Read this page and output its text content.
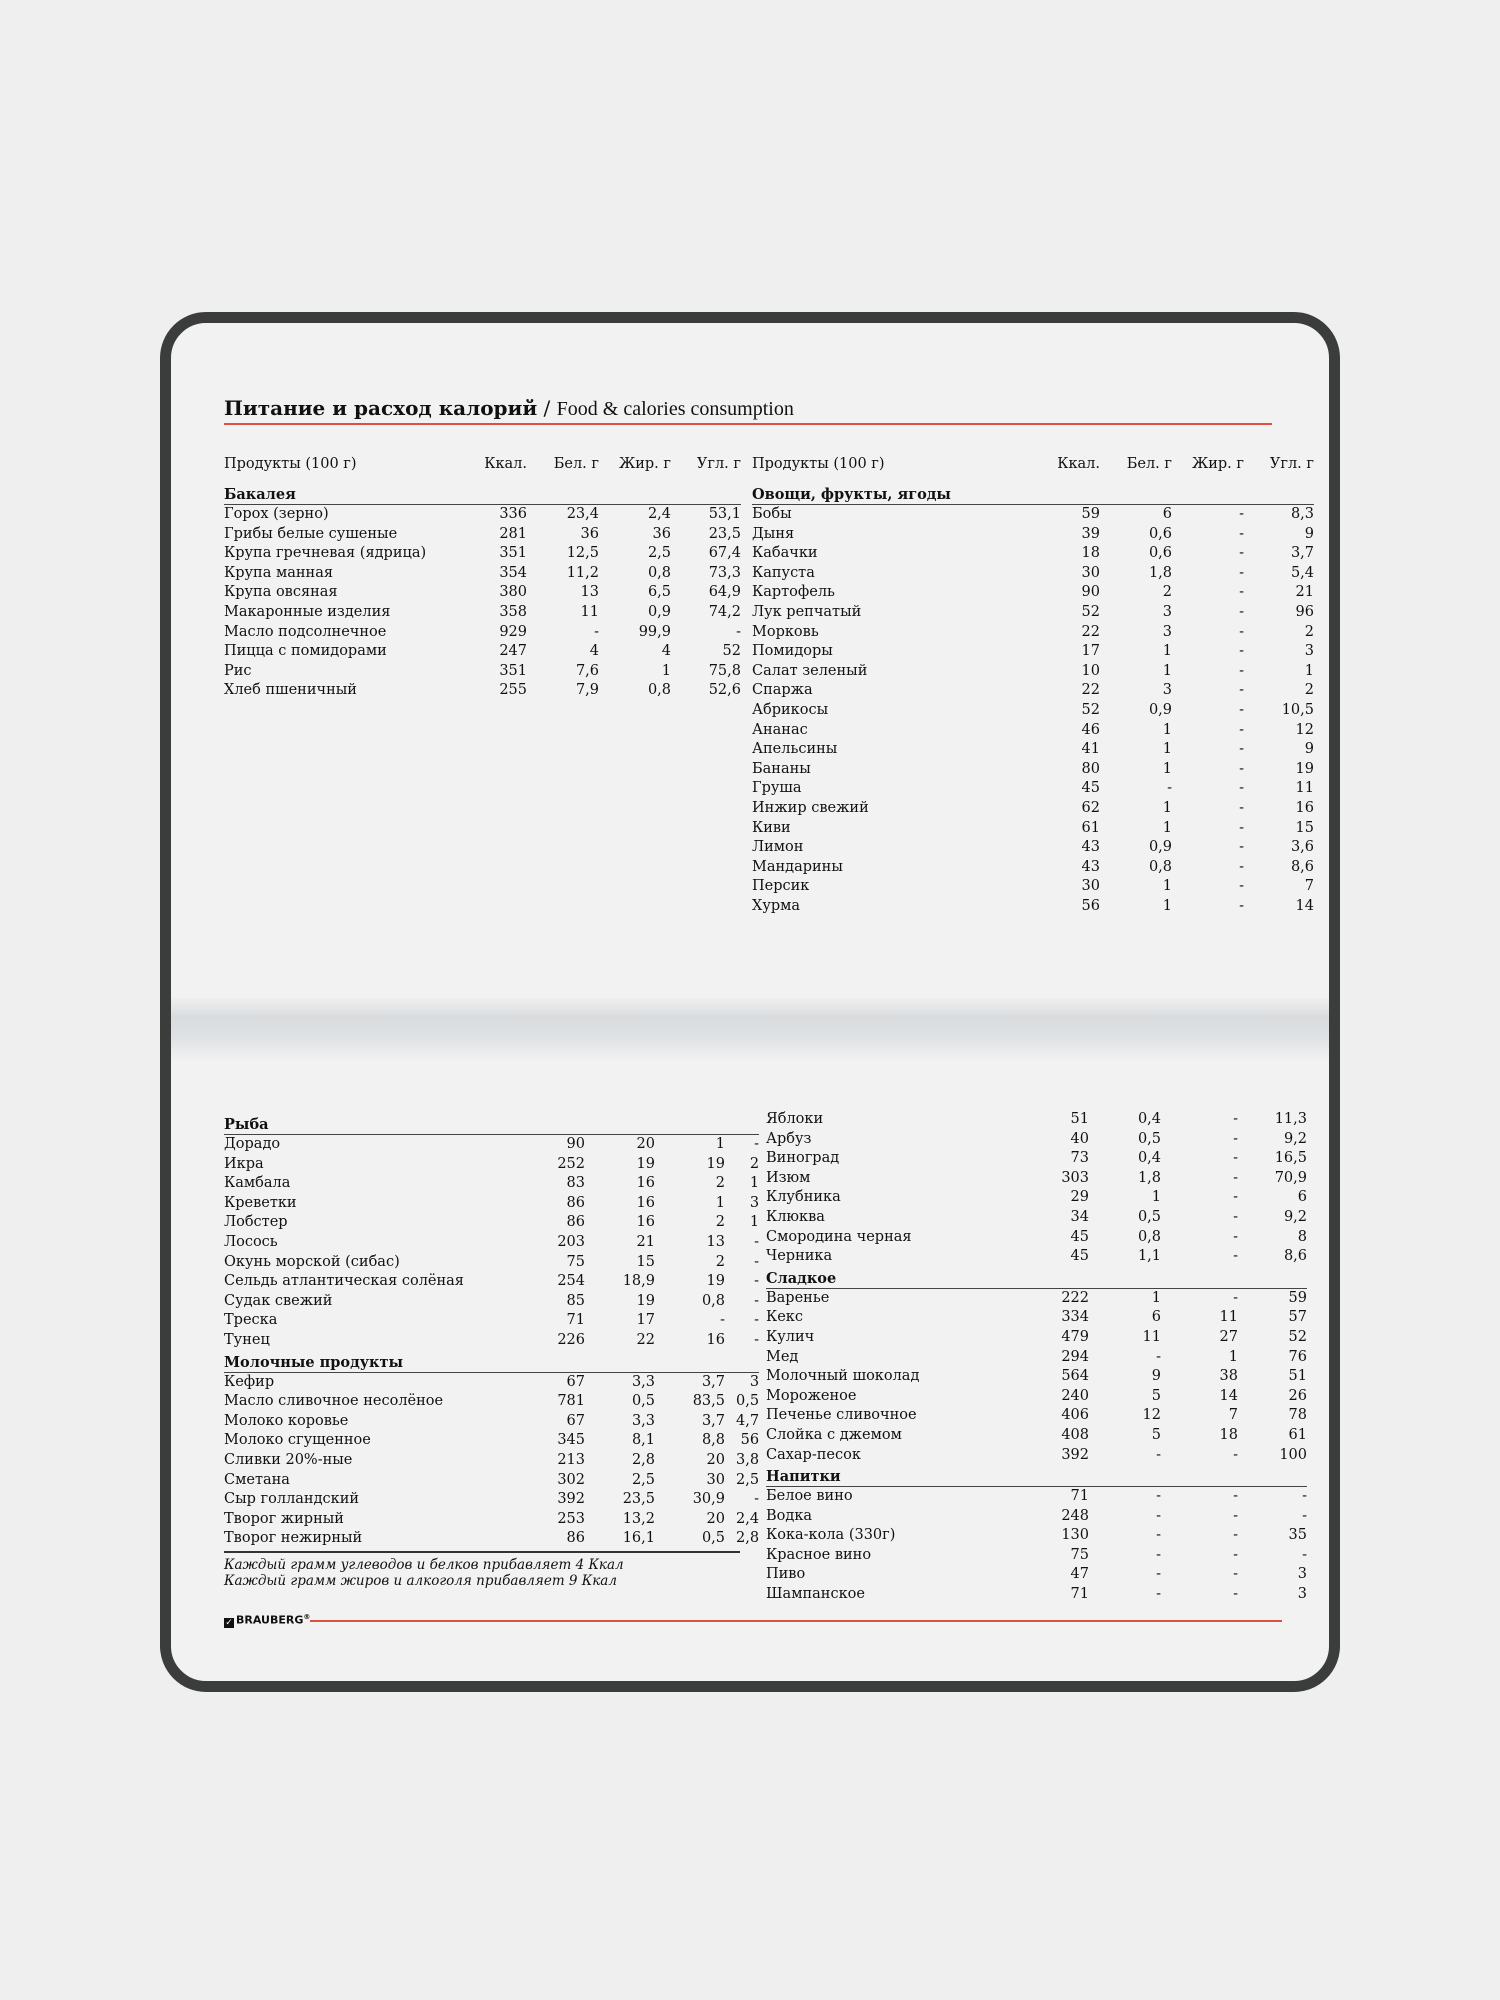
Питание и расход калорий / Food & calories consumption
Продукты (100 г)	Ккал.	Бел. г	Жир. г	Угл. г

Бакалея				
Горох (зерно)	336	23,4	2,4	53,1
Грибы белые сушеные	281	36	36	23,5
Крупа гречневая (ядрица)	351	12,5	2,5	67,4
Крупа манная	354	11,2	0,8	73,3
Крупа овсяная	380	13	6,5	64,9
Макаронные изделия	358	11	0,9	74,2
Масло подсолнечное	929	-	99,9	-
Пицца с помидорами	247	4	4	52
Рис	351	7,6	1	75,8
Хлеб пшеничный	255	7,9	0,8	52,6
Продукты (100 г)	Ккал.	Бел. г	Жир. г	Угл. г

Овощи, фрукты, ягоды				
Бобы	59	6	-	8,3
Дыня	39	0,6	-	9
Кабачки	18	0,6	-	3,7
Капуста	30	1,8	-	5,4
Картофель	90	2	-	21
Лук репчатый	52	3	-	96
Морковь	22	3	-	2
Помидоры	17	1	-	3
Салат зеленый	10	1	-	1
Спаржа	22	3	-	2
Абрикосы	52	0,9	-	10,5
Ананас	46	1	-	12
Апельсины	41	1	-	9
Бананы	80	1	-	19
Груша	45	-	-	11
Инжир свежий	62	1	-	16
Киви	61	1	-	15
Лимон	43	0,9	-	3,6
Мандарины	43	0,8	-	8,6
Персик	30	1	-	7
Хурма	56	1	-	14
Рыба				
Дорадо	90	20	1	-
Икра	252	19	19	2
Камбала	83	16	2	1
Креветки	86	16	1	3
Лобстер	86	16	2	1
Лосось	203	21	13	-
Окунь морской (сибас)	75	15	2	-
Сельдь атлантическая солёная	254	18,9	19	-
Судак свежий	85	19	0,8	-
Треска	71	17	-	-
Тунец	226	22	16	-
Молочные продукты				
Кефир	67	3,3	3,7	3
Масло сливочное несолёное	781	0,5	83,5	0,5
Молоко коровье	67	3,3	3,7	4,7
Молоко сгущенное	345	8,1	8,8	56
Сливки 20%-ные	213	2,8	20	3,8
Сметана	302	2,5	30	2,5
Сыр голландский	392	23,5	30,9	-
Творог жирный	253	13,2	20	2,4
Творог нежирный	86	16,1	0,5	2,8
Яблоки	51	0,4	-	11,3
Арбуз	40	0,5	-	9,2
Виноград	73	0,4	-	16,5
Изюм	303	1,8	-	70,9
Клубника	29	1	-	6
Клюква	34	0,5	-	9,2
Смородина черная	45	0,8	-	8
Черника	45	1,1	-	8,6
Сладкое				
Варенье	222	1	-	59
Кекс	334	6	11	57
Кулич	479	11	27	52
Мед	294	-	1	76
Молочный шоколад	564	9	38	51
Мороженое	240	5	14	26
Печенье сливочное	406	12	7	78
Слойка с джемом	408	5	18	61
Сахар-песок	392	-	-	100
Напитки				
Белое вино	71	-	-	-
Водка	248	-	-	-
Кока-кола (330г)	130	-	-	35
Красное вино	75	-	-	-
Пиво	47	-	-	3
Шампанское	71	-	-	3
Каждый грамм углеводов и белков прибавляет 4 Ккал
Каждый грамм жиров и алкоголя прибавляет 9 Ккал
✓ BRAUBERG®
